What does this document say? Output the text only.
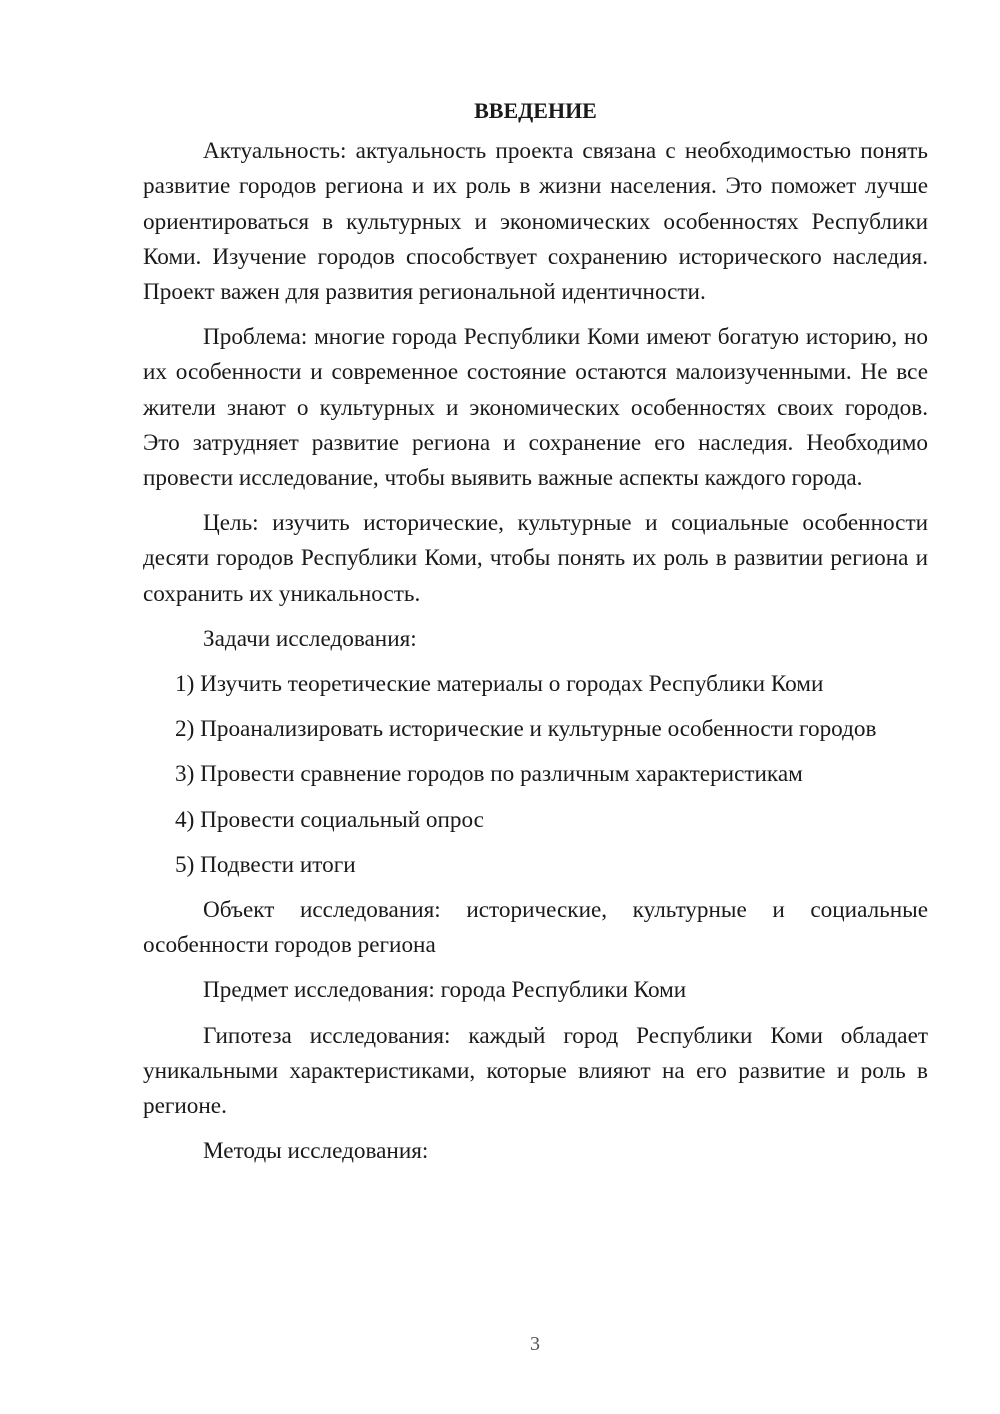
ВВЕДЕНИЕ

Актуальность: актуальность проекта связана с необходимостью понять развитие городов региона и их роль в жизни населения. Это поможет лучше ориентироваться в культурных и экономических особенностях Республики Коми. Изучение городов способствует сохранению исторического наследия. Проект важен для развития региональной идентичности.

Проблема: многие города Республики Коми имеют богатую историю, но их особенности и современное состояние остаются малоизученными. Не все жители знают о культурных и экономических особенностях своих городов. Это затрудняет развитие региона и сохранение его наследия. Необходимо провести исследование, чтобы выявить важные аспекты каждого города.

Цель: изучить исторические, культурные и социальные особенности десяти городов Республики Коми, чтобы понять их роль в развитии региона и сохранить их уникальность.

Задачи исследования:

1) Изучить теоретические материалы о городах Республики Коми

2) Проанализировать исторические и культурные особенности городов

3) Провести сравнение городов по различным характеристикам

4) Провести социальный опрос

5) Подвести итоги

Объект исследования: исторические, культурные и социальные особенности городов региона

Предмет исследования: города Республики Коми

Гипотеза исследования: каждый город Республики Коми обладает уникальными характеристиками, которые влияют на его развитие и роль в регионе.

Методы исследования:

3
